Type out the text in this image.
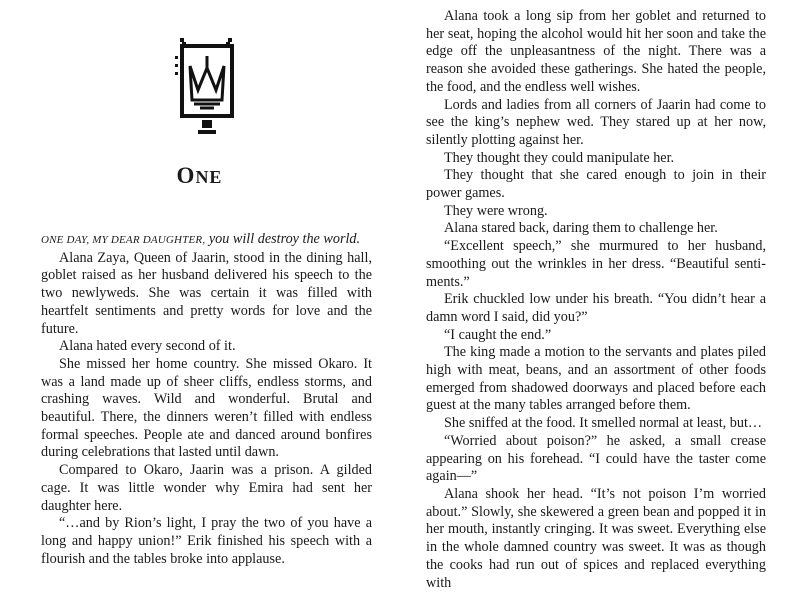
ONE

ONE DAY, MY DEAR DAUGHTER, you will destroy the world.

Alana Zaya, Queen of Jaarin, stood in the dining hall, goblet raised as her husband delivered his speech to the two newlyweds. She was certain it was filled with heartfelt sentiments and pretty words for love and the future.

Alana hated every second of it.

She missed her home country. She missed Okaro. It was a land made up of sheer cliffs, endless storms, and crashing waves. Wild and wonderful. Brutal and beautiful. There, the dinners weren’t filled with endless formal speeches. People ate and danced around bonfires during celebrations that lasted until dawn.

Compared to Okaro, Jaarin was a prison. A gilded cage. It was little wonder why Emira had sent her daughter here.

“…and by Rion’s light, I pray the two of you have a long and happy union!” Erik finished his speech with a flourish and the tables broke into applause.

Alana took a long sip from her goblet and returned to her seat, hoping the alcohol would hit her soon and take the edge off the unpleasantness of the night. There was a reason she avoided these gatherings. She hated the people, the food, and the endless well wishes.

Lords and ladies from all corners of Jaarin had come to see the king’s nephew wed. They stared up at her now, silently plotting against her.

They thought they could manipulate her.

They thought that she cared enough to join in their power games.

They were wrong.

Alana stared back, daring them to challenge her.

“Excellent speech,” she murmured to her husband, smoothing out the wrinkles in her dress. “Beautiful sentiments.”

Erik chuckled low under his breath. “You didn’t hear a damn word I said, did you?”

“I caught the end.”

The king made a motion to the servants and plates piled high with meat, beans, and an assortment of other foods emerged from shadowed doorways and placed before each guest at the many tables arranged before them.

She sniffed at the food. It smelled normal at least, but…

“Worried about poison?” he asked, a small crease appearing on his forehead. “I could have the taster come again—”

Alana shook her head. “It’s not poison I’m worried about.” Slowly, she skewered a green bean and popped it in her mouth, instantly cringing. It was sweet. Everything else in the whole damned country was sweet. It was as though the cooks had run out of spices and replaced everything with
